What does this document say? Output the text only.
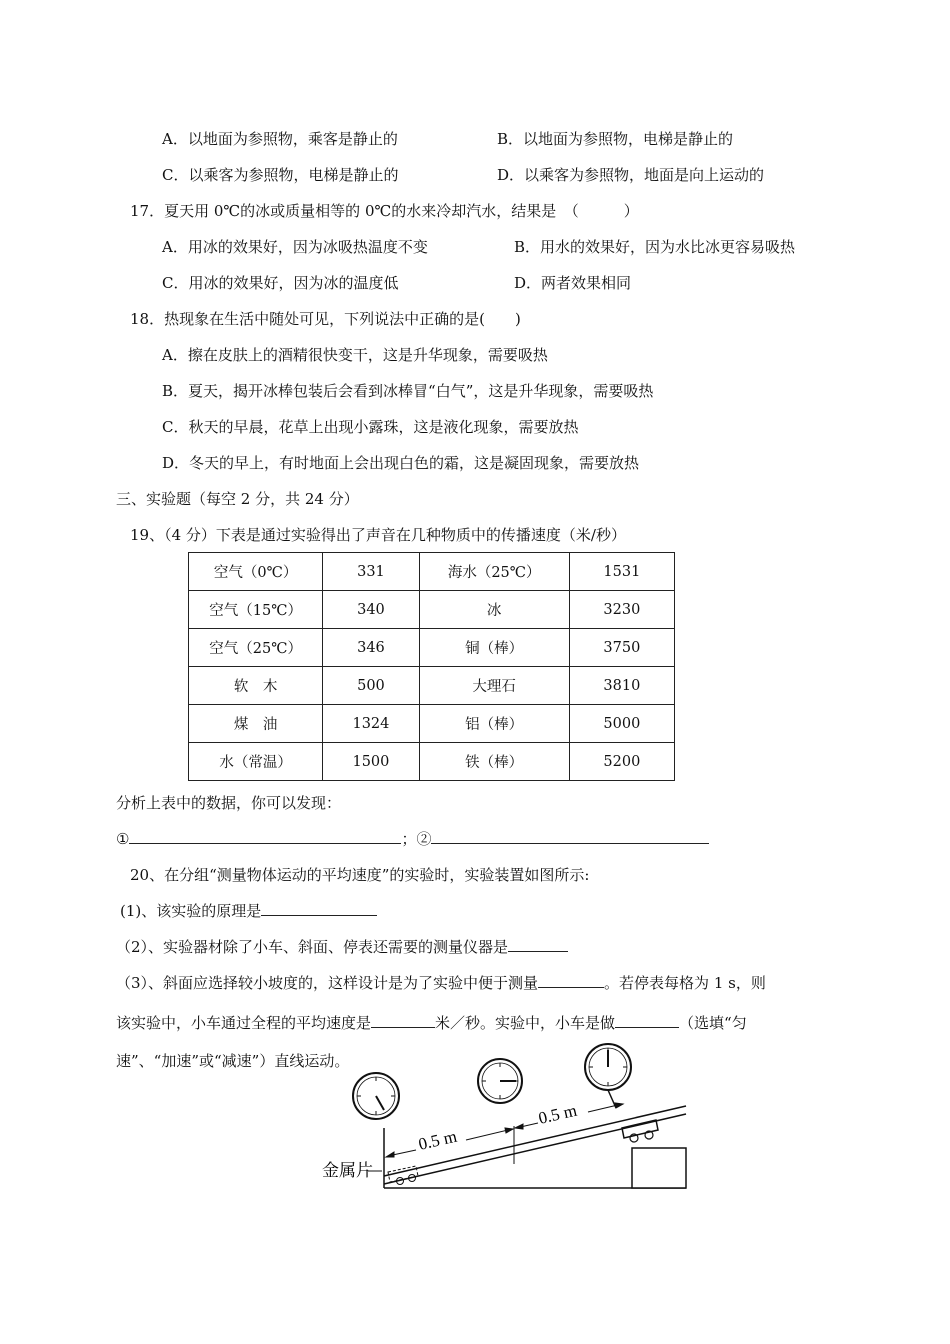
A．以地面为参照物，乘客是静止的	B．以地面为参照物，电梯是静止的
C．以乘客为参照物，电梯是静止的	D．以乘客为参照物，地面是向上运动的
17．夏天用 0℃的冰或质量相等的 0℃的水来冷却汽水，结果是　（　　　）
A．用冰的效果好，因为冰吸热温度不变	B．用水的效果好，因为水比冰更容易吸热
C．用冰的效果好，因为冰的温度低	D．两者效果相同
18．热现象在生活中随处可见，下列说法中正确的是(　　)
A．擦在皮肤上的酒精很快变干，这是升华现象，需要吸热
B．夏天，揭开冰棒包装后会看到冰棒冒“白气”，这是升华现象，需要吸热
C．秋天的早晨，花草上出现小露珠，这是液化现象，需要放热
D．冬天的早上，有时地面上会出现白色的霜，这是凝固现象，需要放热
三、实验题（每空 2 分，共 24 分）
19、（4 分）下表是通过实验得出了声音在几种物质中的传播速度（米/秒）
空气（0℃）	331	海水（25℃）	1531
空气（15℃）	340	冰	3230
空气（25℃）	346	铜（棒）	3750
软　木	500	大理石	3810
煤　油	1324	铝（棒）	5000
水（常温）	1500	铁（棒）	5200
分析上表中的数据，你可以发现：
①	；②
20、在分组“测量物体运动的平均速度”的实验时，实验装置如图所示:
(1)、该实验的原理是
（2）、实验器材除了小车、斜面、停表还需要的测量仪器是
（3）、斜面应选择较小坡度的，这样设计是为了实验中便于测量	。若停表每格为 1 s，则
该实验中，小车通过全程的平均速度是	米／秒。实验中，小车是做	（选填“匀
速”、“加速”或“减速”）直线运动。
0.5 m
0.5 m
金属片
